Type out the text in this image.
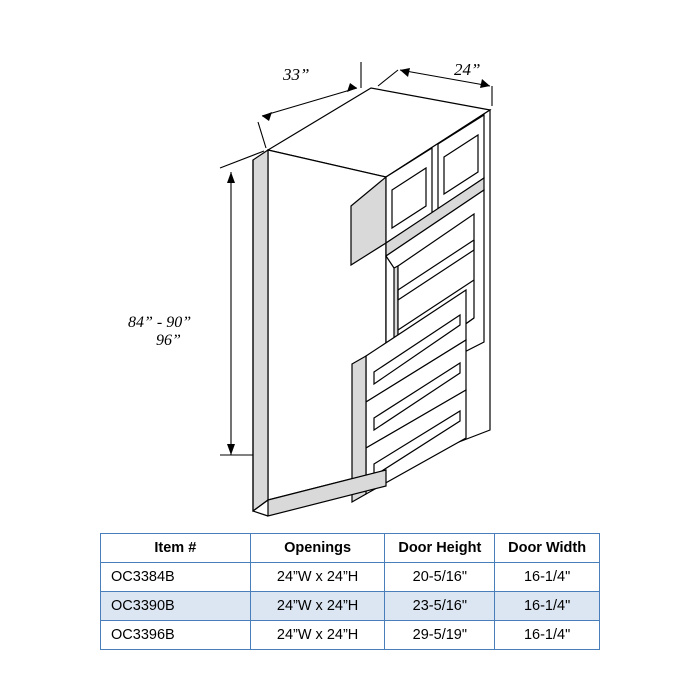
33”	24”
84” - 90”
96”
Item #	Openings	Door Height	Door Width
OC3384B	24”W x 24”H	20-5/16"	16-1/4"
OC3390B	24”W x 24”H	23-5/16"	16-1/4"
OC3396B	24”W x 24”H	29-5/19"	16-1/4"
